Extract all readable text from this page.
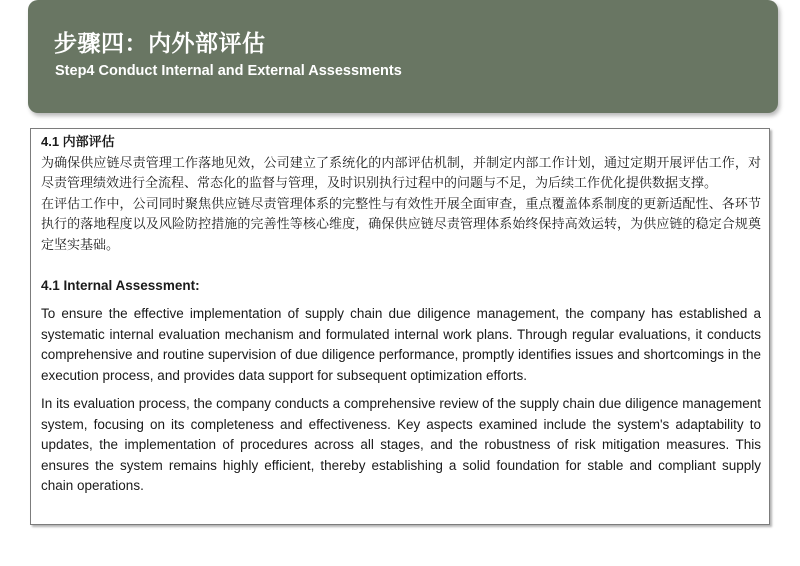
步骤四：内外部评估
Step4 Conduct Internal and External Assessments
4.1 内部评估

为确保供应链尽责管理工作落地见效，公司建立了系统化的内部评估机制，并制定内部工作计划，通过定期开展评估工作，对尽责管理绩效进行全流程、常态化的监督与管理，及时识别执行过程中的问题与不足，为后续工作优化提供数据支撑。

在评估工作中，公司同时聚焦供应链尽责管理体系的完整性与有效性开展全面审查，重点覆盖体系制度的更新适配性、各环节执行的落地程度以及风险防控措施的完善性等核心维度，确保供应链尽责管理体系始终保持高效运转，为供应链的稳定合规奠定坚实基础。

4.1 Internal Assessment:

To ensure the effective implementation of supply chain due diligence management, the company has established a systematic internal evaluation mechanism and formulated internal work plans. Through regular evaluations, it conducts comprehensive and routine supervision of due diligence performance, promptly identifies issues and shortcomings in the execution process, and provides data support for subsequent optimization efforts.

In its evaluation process, the company conducts a comprehensive review of the supply chain due diligence management system, focusing on its completeness and effectiveness. Key aspects examined include the system's adaptability to updates, the implementation of procedures across all stages, and the robustness of risk mitigation measures. This ensures the system remains highly efficient, thereby establishing a solid foundation for stable and compliant supply chain operations.
